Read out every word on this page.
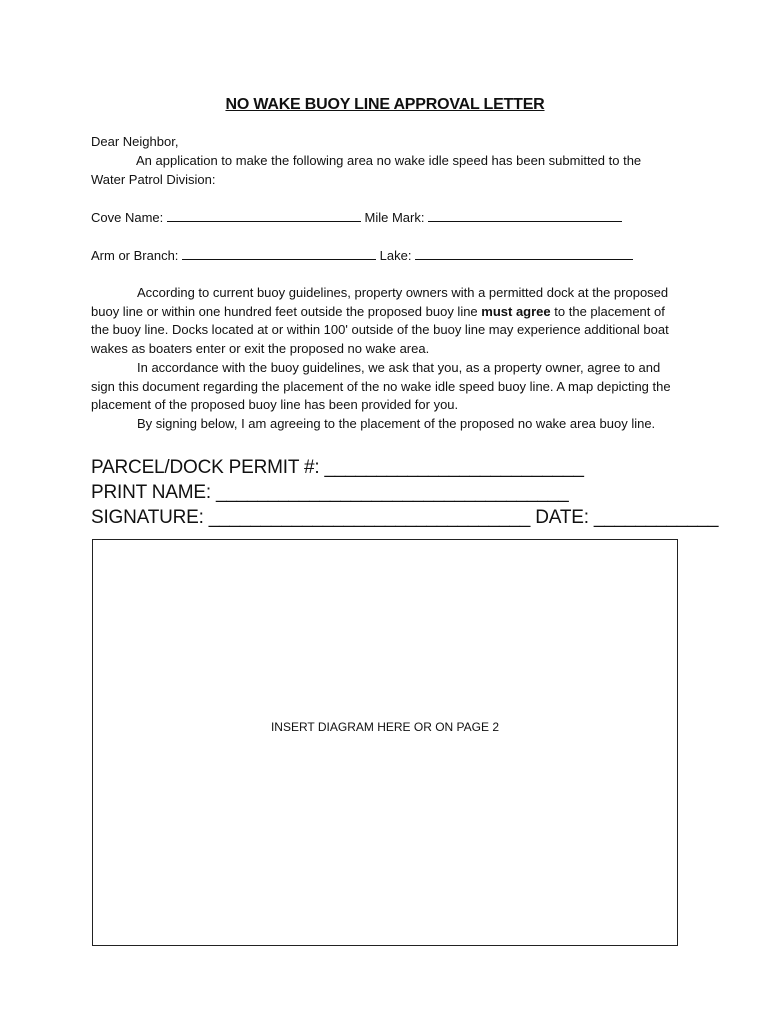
NO WAKE BUOY LINE APPROVAL LETTER
Dear Neighbor,
An application to make the following area no wake idle speed has been submitted to the
Water Patrol Division:
Cove Name:	Mile Mark:
Arm or Branch:	Lake:

According to current buoy guidelines, property owners with a permitted dock at the proposed buoy line or within one hundred feet outside the proposed buoy line must agree to the placement of the buoy line. Docks located at or within 100' outside of the buoy line may experience additional boat wakes as boaters enter or exit the proposed no wake area.

In accordance with the buoy guidelines, we ask that you, as a property owner, agree to and sign this document regarding the placement of the no wake idle speed buoy line. A map depicting the placement of the proposed buoy line has been provided for you.

By signing below, I am agreeing to the placement of the proposed no wake area buoy line.

PARCEL/DOCK PERMIT #: _________________________
PRINT NAME: __________________________________
SIGNATURE: _______________________________ DATE: ____________
INSERT DIAGRAM HERE OR ON PAGE 2
